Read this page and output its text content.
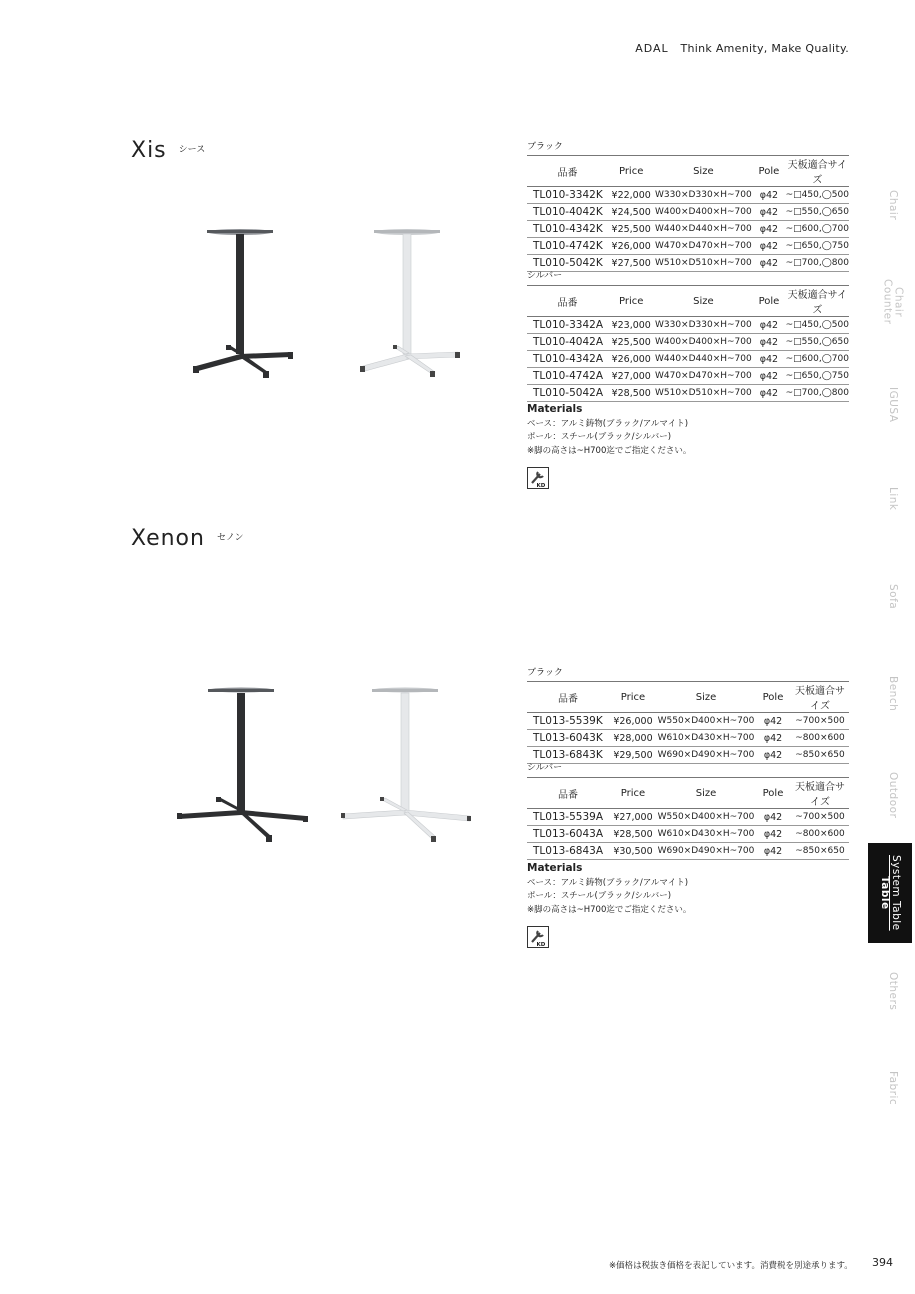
ADAL Think Amenity, Make Quality.
Xis シース	ブラック
品番	Price	Size	Pole	天板適合サイズ
TL010-3342K	¥22,000	W330×D330×H~700	φ42	~□450,◯500
TL010-4042K	¥24,500	W400×D400×H~700	φ42	~□550,◯650
TL010-4342K	¥25,500	W440×D440×H~700	φ42	~□600,◯700
TL010-4742K	¥26,000	W470×D470×H~700	φ42	~□650,◯750
TL010-5042K	¥27,500	W510×D510×H~700	φ42	~□700,◯800
シルバー
品番	Price	Size	Pole	天板適合サイズ
TL010-3342A	¥23,000	W330×D330×H~700	φ42	~□450,◯500
TL010-4042A	¥25,500	W400×D400×H~700	φ42	~□550,◯650
TL010-4342A	¥26,000	W440×D440×H~700	φ42	~□600,◯700
TL010-4742A	¥27,000	W470×D470×H~700	φ42	~□650,◯750
TL010-5042A	¥28,500	W510×D510×H~700	φ42	~□700,◯800
Materials
ベース：アルミ鋳物(ブラック/アルマイト)
ポール：スチール(ブラック/シルバー)
※脚の高さは~H700迄でご指定ください。
KD
Xenon セノン
ブラック
品番	Price	Size	Pole	天板適合サイズ
TL013-5539K	¥26,000	W550×D400×H~700	φ42	~700×500
TL013-6043K	¥28,000	W610×D430×H~700	φ42	~800×600
TL013-6843K	¥29,500	W690×D490×H~700	φ42	~850×650
シルバー
品番	Price	Size	Pole	天板適合サイズ
TL013-5539A	¥27,000	W550×D400×H~700	φ42	~700×500
TL013-6043A	¥28,500	W610×D430×H~700	φ42	~800×600
TL013-6843A	¥30,500	W690×D490×H~700	φ42	~850×650
Materials
ベース：アルミ鋳物(ブラック/アルマイト)
ポール：スチール(ブラック/シルバー)
※脚の高さは~H700迄でご指定ください。
KD
Chair
Counter Chair
IGUSA
Link
Sofa
Bench
Outdoor
Table System Table
Others
Fabric
※価格は税抜き価格を表記しています。消費税を別途承ります。 394
